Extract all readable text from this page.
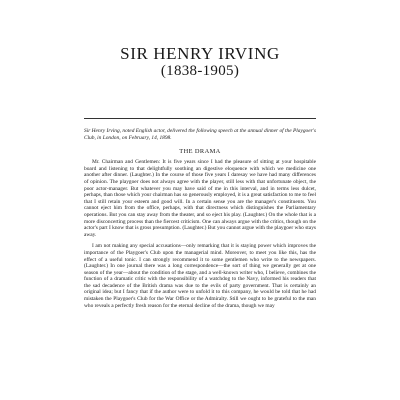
SIR HENRY IRVING
(1838-1905)

Sir Henry Irving, noted English actor, delivered the following speech at the annual dinner of the Playgoer's Club, in London, on February, 14, 1898.

THE DRAMA

Mr. Chairman and Gentlemen: It is five years since I had the pleasure of sitting at your hospitable board and listening to that delightfully soothing an digestive eloquence with which we medicine one another after dinner. (Laughter.) In the course of those five years I daresay we have had many differences of opinion. The playgoer does not always agree with the player, still less with that unfortunate object, the poor actor-manager. But whatever you may have said of me in this interval, and in terms less dulcet, perhaps, than those which your chairman has so generously employed, it is a great satisfaction to me to feel that I still retain your esteem and good will. In a certain sense you are the manager's constituents. You cannot eject him from the office, perhaps, with that directness which distinguishes the Parliamentary operations. But you can stay away from the theater, and so eject his play. (Laughter.) On the whole that is a more disconcerting process than the fiercest criticism. One can always argue with the critics, though on the actor's part I know that is gross presumption. (Laughter.) But you cannot argue with the playgoer who stays away.

I am not making any special accusations—only remarking that it is staying power which improves the importance of the Playgoer's Club upon the managerial mind. Moreover, to meet you like this, has the effect of a useful tonic. I can strongly recommend it to some gentlemen who write to the newspapers. (Laughter.) In one journal there was a long correspondence—the sort of thing we generally get at one season of the year—about the condition of the stage, and a well-known writer who, I believe, combines the function of a dramatic critic with the responsibility of a watchdog to the Navy, informed his readers that the sad decadence of the British drama was due to the evils of party government. That is certainly an original idea; but I fancy that if the author were to unfold it to this company, he would be told that he had mistaken the Playgoer's Club for the War Office or the Admiralty. Still we ought to be grateful to the man who reveals a perfectly fresh reason for the eternal decline of the drama, though we may
